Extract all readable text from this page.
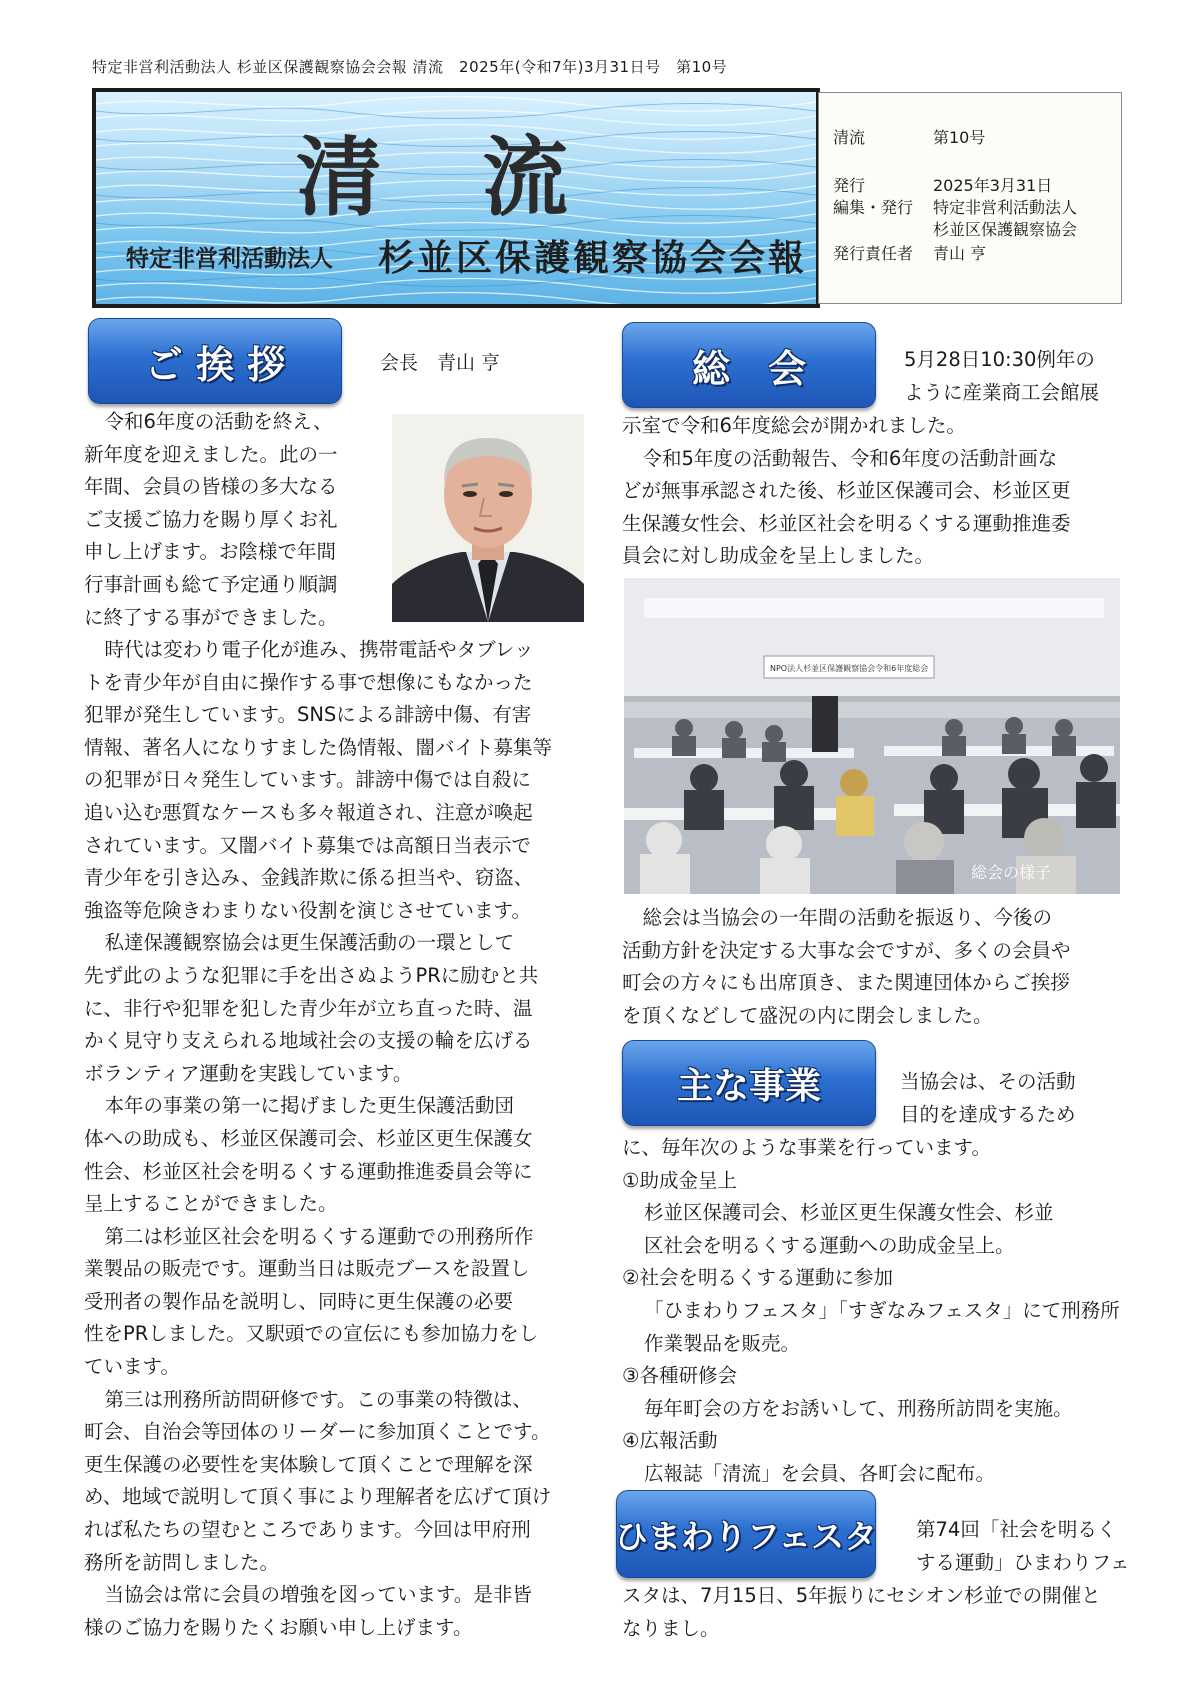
特定非営利活動法人 杉並区保護観察協会会報 清流　2025年(令和7年)3月31日号　第10号
清流
特定非営利活動法人 杉並区保護観察協会会報
清流	第10号
発行	2025年3月31日
編集・発行 特定非営利活動法人
杉並区保護観察協会
発行責任者 青山 亨
ご 挨 拶	会長　青山 亨

令和6年度の活動を終え、

新年度を迎えました。此の一

年間、会員の皆様の多大なる

ご支援ご協力を賜り厚くお礼

申し上げます。お陰様で年間

行事計画も総て予定通り順調

に終了する事ができました。

時代は変わり電子化が進み、携帯電話やタブレッ

トを青少年が自由に操作する事で想像にもなかった

犯罪が発生しています。SNSによる誹謗中傷、有害

情報、著名人になりすました偽情報、闇バイト募集等

の犯罪が日々発生しています。誹謗中傷では自殺に

追い込む悪質なケースも多々報道され、注意が喚起

されています。又闇バイト募集では高額日当表示で

青少年を引き込み、金銭詐欺に係る担当や、窃盗、

強盗等危険きわまりない役割を演じさせています。

私達保護観察協会は更生保護活動の一環として

先ず此のような犯罪に手を出さぬようPRに励むと共

に、非行や犯罪を犯した青少年が立ち直った時、温

かく見守り支えられる地域社会の支援の輪を広げる

ボランティア運動を実践しています。

本年の事業の第一に掲げました更生保護活動団

体への助成も、杉並区保護司会、杉並区更生保護女

性会、杉並区社会を明るくする運動推進委員会等に

呈上することができました。

第二は杉並区社会を明るくする運動での刑務所作

業製品の販売です。運動当日は販売ブースを設置し

受刑者の製作品を説明し、同時に更生保護の必要

性をPRしました。又駅頭での宣伝にも参加協力をし

ています。

第三は刑務所訪問研修です。この事業の特徴は、

町会、自治会等団体のリーダーに参加頂くことです。

更生保護の必要性を実体験して頂くことで理解を深

め、地域で説明して頂く事により理解者を広げて頂け

れば私たちの望むところであります。今回は甲府刑

務所を訪問しました。

当協会は常に会員の増強を図っています。是非皆

様のご協力を賜りたくお願い申し上げます。

総　会	5月28日10:30例年の

ように産業商工会館展

示室で令和6年度総会が開かれました。

令和5年度の活動報告、令和6年度の活動計画な

どが無事承認された後、杉並区保護司会、杉並区更

生保護女性会、杉並区社会を明るくする運動推進委

員会に対し助成金を呈上しました。

NPO法人杉並区保護観察協会令和6年度総会
総会の様子

総会は当協会の一年間の活動を振返り、今後の

活動方針を決定する大事な会ですが、多くの会員や

町会の方々にも出席頂き、また関連団体からご挨拶

を頂くなどして盛況の内に閉会しました。

主な事業	当協会は、その活動

目的を達成するため

に、毎年次のような事業を行っています。

①助成金呈上

杉並区保護司会、杉並区更生保護女性会、杉並

区社会を明るくする運動への助成金呈上。

②社会を明るくする運動に参加

「ひまわりフェスタ」「すぎなみフェスタ」にて刑務所

作業製品を販売。

③各種研修会

毎年町会の方をお誘いして、刑務所訪問を実施。

④広報活動

広報誌「清流」を会員、各町会に配布。

ひまわりフェスタ 第74回「社会を明るく

する運動」ひまわりフェ

スタは、7月15日、5年振りにセシオン杉並での開催と

なりまし。
